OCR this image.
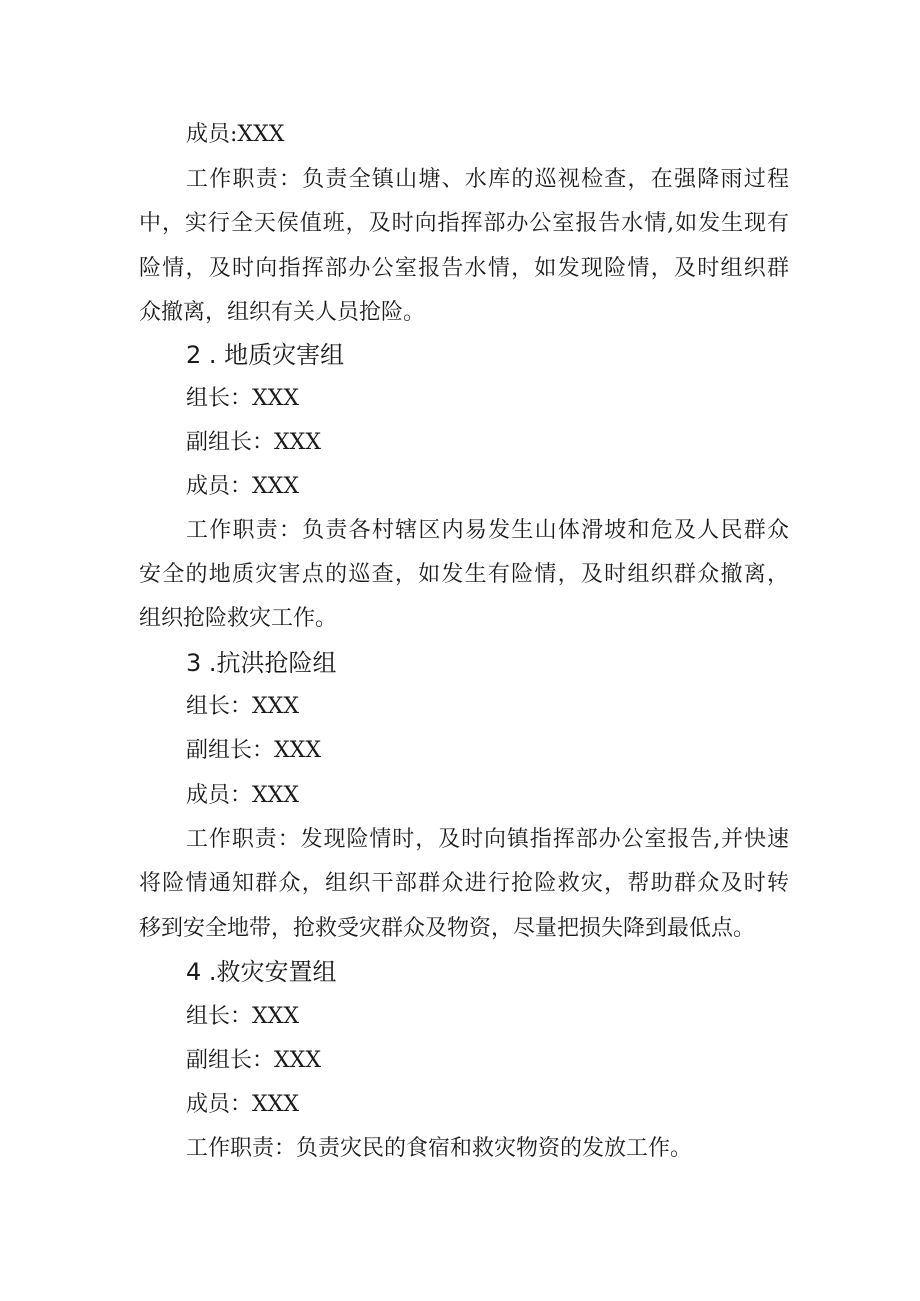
成员:XXX
工作职责：负责全镇山塘、水库的巡视检查，在强降雨过程
中，实行全天侯值班，及时向指挥部办公室报告水情,如发生现有
险情，及时向指挥部办公室报告水情，如发现险情，及时组织群
众撤离，组织有关人员抢险。
2 . 地质灾害组
组长：XXX
副组长：XXX
成员：XXX
工作职责：负责各村辖区内易发生山体滑坡和危及人民群众
安全的地质灾害点的巡查，如发生有险情，及时组织群众撤离，
组织抢险救灾工作。
3 .抗洪抢险组
组长：XXX
副组长：XXX
成员：XXX
工作职责：发现险情时，及时向镇指挥部办公室报告,并快速
将险情通知群众，组织干部群众进行抢险救灾，帮助群众及时转
移到安全地带，抢救受灾群众及物资，尽量把损失降到最低点。
4 .救灾安置组
组长：XXX
副组长：XXX
成员：XXX
工作职责：负责灾民的食宿和救灾物资的发放工作。
